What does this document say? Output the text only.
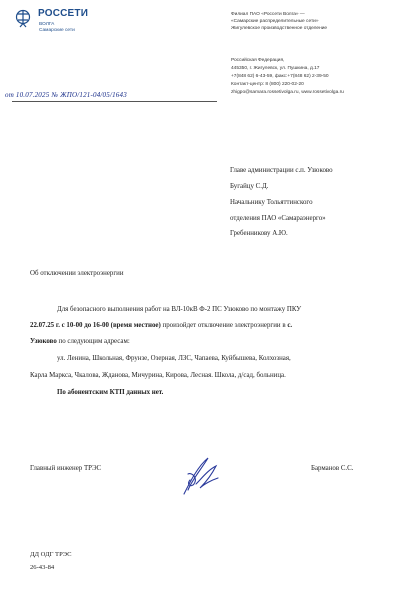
РОССЕТИ
ВОЛГА
Самарские сети
Филиал ПАО «Россети Волга» —
«Самарские распределительные сети»
Жигулевское производственное отделение
Российская Федерация,
445350, г. Жигулевск, ул. Пушкина, д.17
+7(848 62) 6-43-59, факс:+7(848 62) 2-39-50
Контакт-центр: 8 (800) 220-02-20
zhigpo@samara.rossetivolga.ru, www.rossetivolga.ru
от 10.07.2025 № ЖПО/121-04/05/1643
Главе администрации с.п. Узюково
Бугайцу С.Д.
Начальнику Тольяттинского
отделения ПАО «Самараэнерго»
Гребенникову А.Ю.
Об отключении электроэнергии
Для безопасного выполнения работ на ВЛ-10кВ Ф-2 ПС Узюково по монтажу ПКУ
22.07.25 г. с 10-00 до 16-00 (время местное) произойдет отключение электроэнергии в с.
Узюково по следующим адресам:
ул. Ленина, Школьная, Фрунзе, Озерная, ЛЗС, Чапаева, Куйбышева, Колхозная,
Карла Маркса, Чкалова, Жданова, Мичурина, Кирова, Лесная. Школа, д/сад, больница.
По абонентским КТП данных нет.
Главный инженер ТРЭС	Барманов С.С.
ДД ОДГ ТРЭС
26-43-84
